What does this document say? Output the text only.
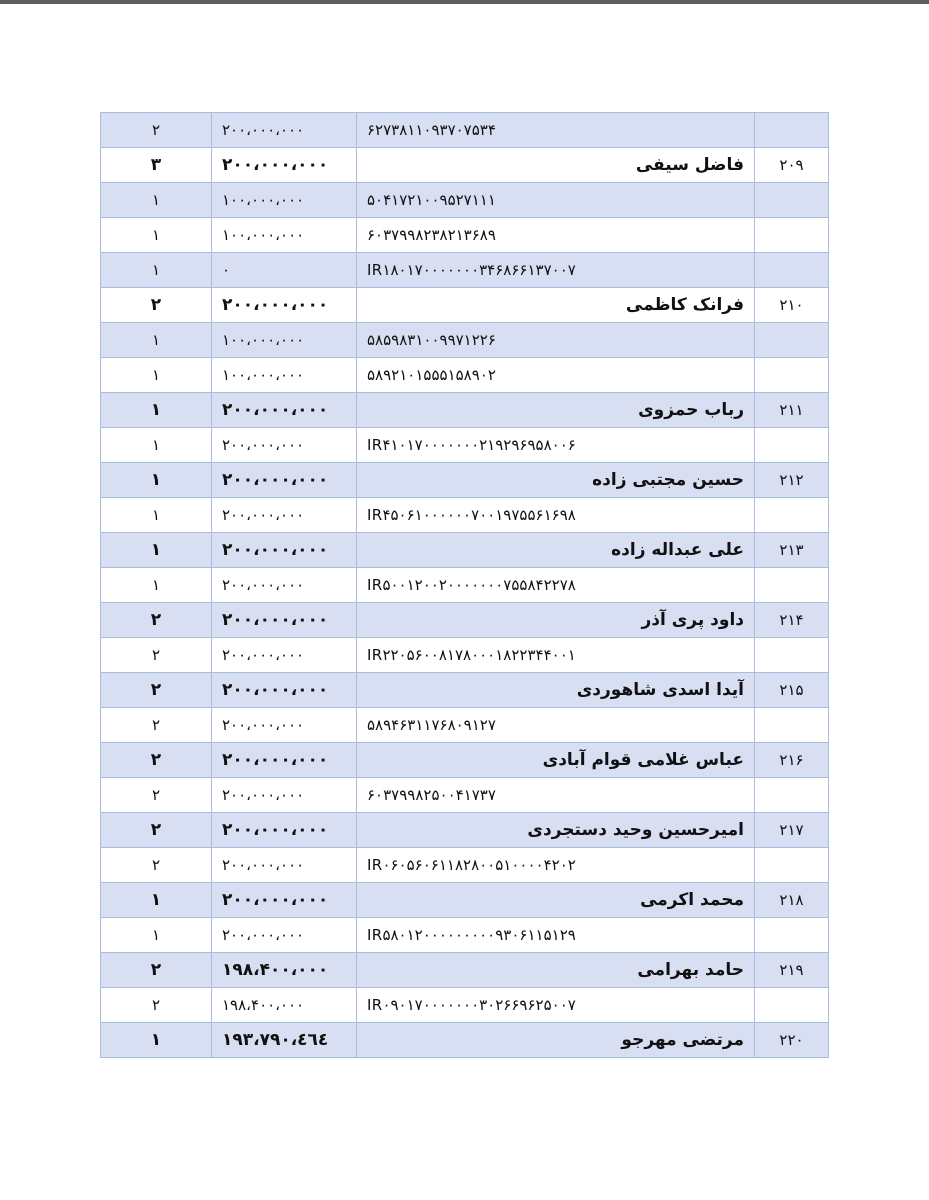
۲	۲۰۰،۰۰۰،۰۰۰	۶۲۷۳۸۱۱۰۹۳۷۰۷۵۳۴	
۳	۲۰۰،۰۰۰،۰۰۰	فاضل سیفی	۲۰۹
۱	۱۰۰،۰۰۰،۰۰۰	۵۰۴۱۷۲۱۰۰۹۵۲۷۱۱۱	
۱	۱۰۰،۰۰۰،۰۰۰	۶۰۳۷۹۹۸۲۳۸۲۱۳۶۸۹	
۱	۰	IR۱۸۰۱۷۰۰۰۰۰۰۰۳۴۶۸۶۶۱۳۷۰۰۷	
۲	۲۰۰،۰۰۰،۰۰۰	فرانک کاظمی	۲۱۰
۱	۱۰۰،۰۰۰،۰۰۰	۵۸۵۹۸۳۱۰۰۹۹۷۱۲۲۶	
۱	۱۰۰،۰۰۰،۰۰۰	۵۸۹۲۱۰۱۵۵۵۱۵۸۹۰۲	
۱	۲۰۰،۰۰۰،۰۰۰	رباب حمزوی	۲۱۱
۱	۲۰۰،۰۰۰،۰۰۰	IR۴۱۰۱۷۰۰۰۰۰۰۰۲۱۹۲۹۶۹۵۸۰۰۶	
۱	۲۰۰،۰۰۰،۰۰۰	حسین مجتبی زاده	۲۱۲
۱	۲۰۰،۰۰۰،۰۰۰	IR۴۵۰۶۱۰۰۰۰۰۰۷۰۰۱۹۷۵۵۶۱۶۹۸	
۱	۲۰۰،۰۰۰،۰۰۰	علی عبداله زاده	۲۱۳
۱	۲۰۰،۰۰۰،۰۰۰	IR۵۰۰۱۲۰۰۲۰۰۰۰۰۰۰۷۵۵۸۴۲۲۷۸	
۲	۲۰۰،۰۰۰،۰۰۰	داود پری آذر	۲۱۴
۲	۲۰۰،۰۰۰،۰۰۰	IR۲۲۰۵۶۰۰۸۱۷۸۰۰۰۱۸۲۲۳۴۴۰۰۱	
۲	۲۰۰،۰۰۰،۰۰۰	آیدا اسدی شاهوردی	۲۱۵
۲	۲۰۰،۰۰۰،۰۰۰	۵۸۹۴۶۳۱۱۷۶۸۰۹۱۲۷	
۲	۲۰۰،۰۰۰،۰۰۰	عباس غلامی قوام آبادی	۲۱۶
۲	۲۰۰،۰۰۰،۰۰۰	۶۰۳۷۹۹۸۲۵۰۰۴۱۷۳۷	
۲	۲۰۰،۰۰۰،۰۰۰	امیرحسین وحید دستجردی	۲۱۷
۲	۲۰۰،۰۰۰،۰۰۰	IR۰۶۰۵۶۰۶۱۱۸۲۸۰۰۵۱۰۰۰۰۴۲۰۲	
۱	۲۰۰،۰۰۰،۰۰۰	محمد اکرمی	۲۱۸
۱	۲۰۰،۰۰۰،۰۰۰	IR۵۸۰۱۲۰۰۰۰۰۰۰۰۰۹۳۰۶۱۱۵۱۲۹	
۲	۱۹۸،۴۰۰،۰۰۰	حامد بهرامی	۲۱۹
۲	۱۹۸،۴۰۰،۰۰۰	IR۰۹۰۱۷۰۰۰۰۰۰۰۳۰۲۶۶۹۶۲۵۰۰۷	
۱	۱۹۳،۷۹۰،٤٦٤	مرتضی مهرجو	۲۲۰
